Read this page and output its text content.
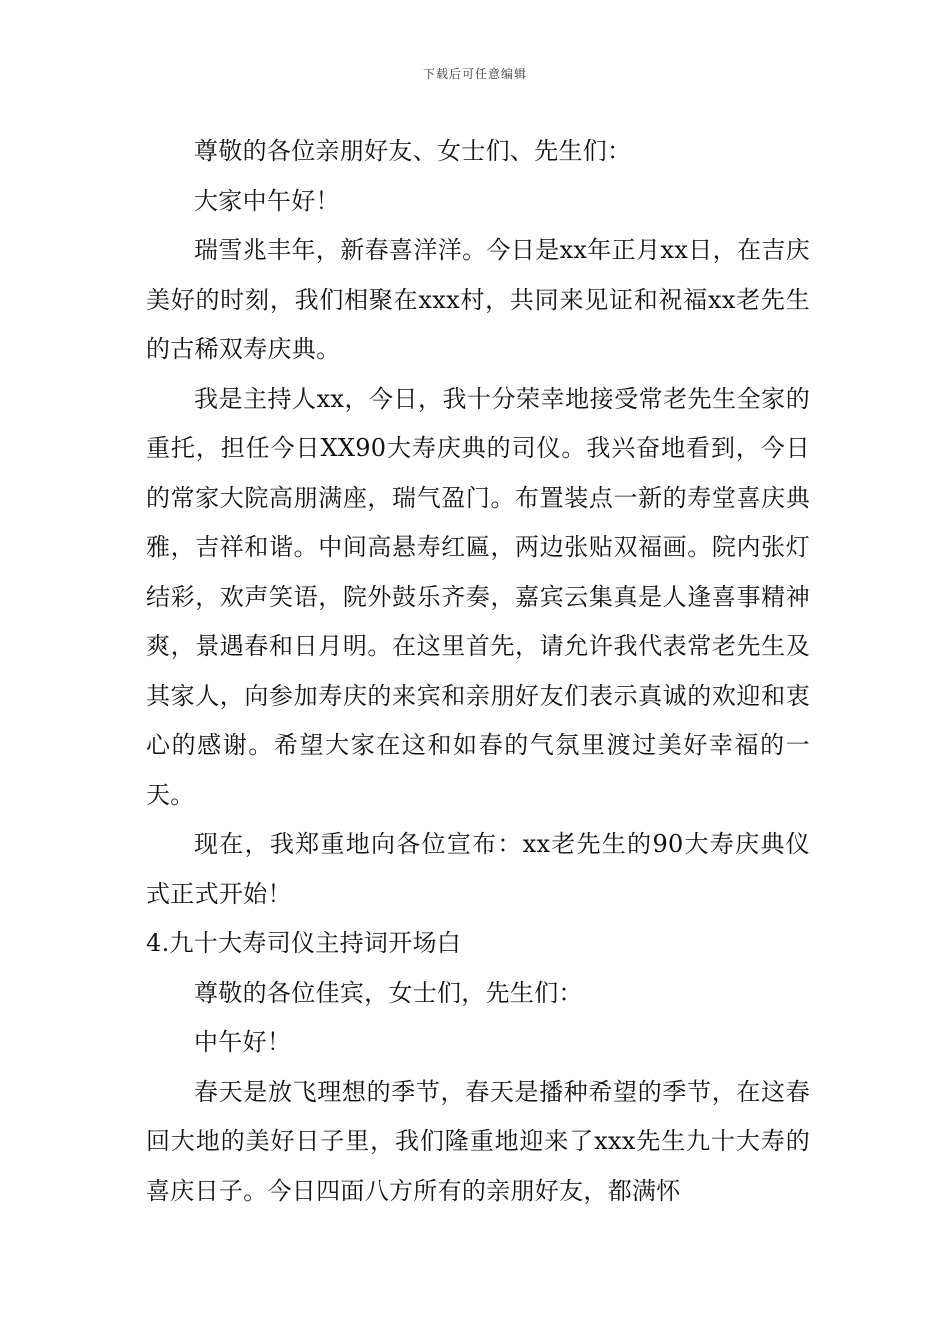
下载后可任意编辑

尊敬的各位亲朋好友、女士们、先生们：

大家中午好！

瑞雪兆丰年，新春喜洋洋。今日是xx年正月xx日，在吉庆美好的时刻，我们相聚在xxx村，共同来见证和祝福xx老先生的古稀双寿庆典。

我是主持人xx，今日，我十分荣幸地接受常老先生全家的重托，担任今日XX90大寿庆典的司仪。我兴奋地看到，今日的常家大院高朋满座，瑞气盈门。布置装点一新的寿堂喜庆典雅，吉祥和谐。中间高悬寿红匾，两边张贴双福画。院内张灯结彩，欢声笑语，院外鼓乐齐奏，嘉宾云集真是人逢喜事精神爽，景遇春和日月明。在这里首先，请允许我代表常老先生及其家人，向参加寿庆的来宾和亲朋好友们表示真诚的欢迎和衷心的感谢。希望大家在这和如春的气氛里渡过美好幸福的一天。

现在，我郑重地向各位宣布：xx老先生的90大寿庆典仪式正式开始！

4.九十大寿司仪主持词开场白

尊敬的各位佳宾，女士们，先生们：

中午好！

春天是放飞理想的季节，春天是播种希望的季节，在这春回大地的美好日子里，我们隆重地迎来了xxx先生九十大寿的喜庆日子。今日四面八方所有的亲朋好友，都满怀
